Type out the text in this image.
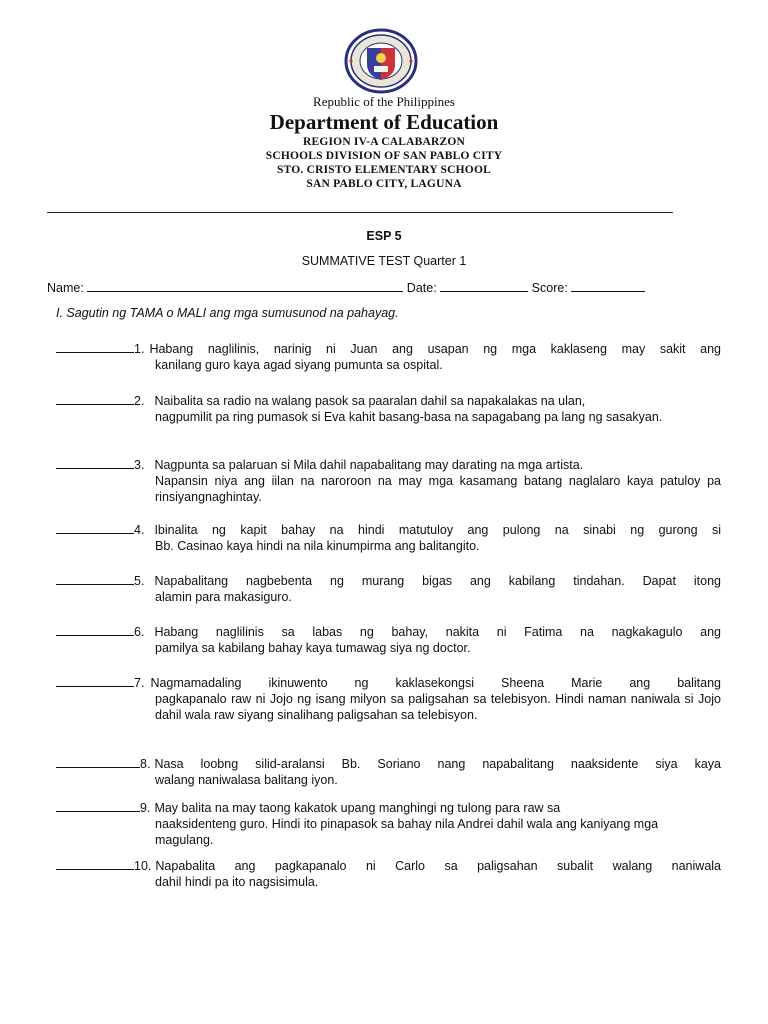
Republic of the Philippines
Department of Education
REGION IV-A CALABARZON
SCHOOLS DIVISION OF SAN PABLO CITY
STO. CRISTO ELEMENTARY SCHOOL
SAN PABLO CITY, LAGUNA
ESP 5
SUMMATIVE TEST Quarter 1
Name:	Date:	Score:
I. Sagutin ng TAMA o MALI ang mga sumusunod na pahayag.
1. Habang naglilinis, narinig ni Juan ang usapan ng mga kaklaseng may sakit ang
kanilang guro kaya agad siyang pumunta sa ospital.
2. Naibalita sa radio na walang pasok sa paaralan dahil sa napakalakas na ulan,
nagpumilit pa ring pumasok si Eva kahit basang-basa na sapagabang pa lang ng sasakyan.
3. Nagpunta sa palaruan si Mila dahil napabalitang may darating na mga artista.
Napansin niya ang iilan na naroroon na may mga kasamang batang naglalaro kaya patuloy pa rinsiyangnaghintay.
4. Ibinalita ng kapit bahay na hindi matutuloy ang pulong na sinabi ng gurong si
Bb. Casinao kaya hindi na nila kinumpirma ang balitangito.
5. Napabalitang nagbebenta ng murang bigas ang kabilang tindahan. Dapat itong
alamin para makasiguro.
6. Habang naglilinis sa labas ng bahay, nakita ni Fatima na nagkakagulo ang
pamilya sa kabilang bahay kaya tumawag siya ng doctor.
7. Nagmamadaling ikinuwento ng kaklasekongsi Sheena Marie ang balitang
pagkapanalo raw ni Jojo ng isang milyon sa paligsahan sa telebisyon. Hindi naman naniwala si Jojo dahil wala raw siyang sinalihang paligsahan sa telebisyon.
8. Nasa loobng silid-aralansi Bb. Soriano nang napabalitang naaksidente siya kaya
walang naniwalasa balitang iyon.
9. May balita na may taong kakatok upang manghingi ng tulong para raw sa
naaksidenteng guro. Hindi ito pinapasok sa bahay nila Andrei dahil wala ang kaniyang mga magulang.
10. Napabalita ang pagkapanalo ni Carlo sa paligsahan subalit walang naniwala
dahil hindi pa ito nagsisimula.
